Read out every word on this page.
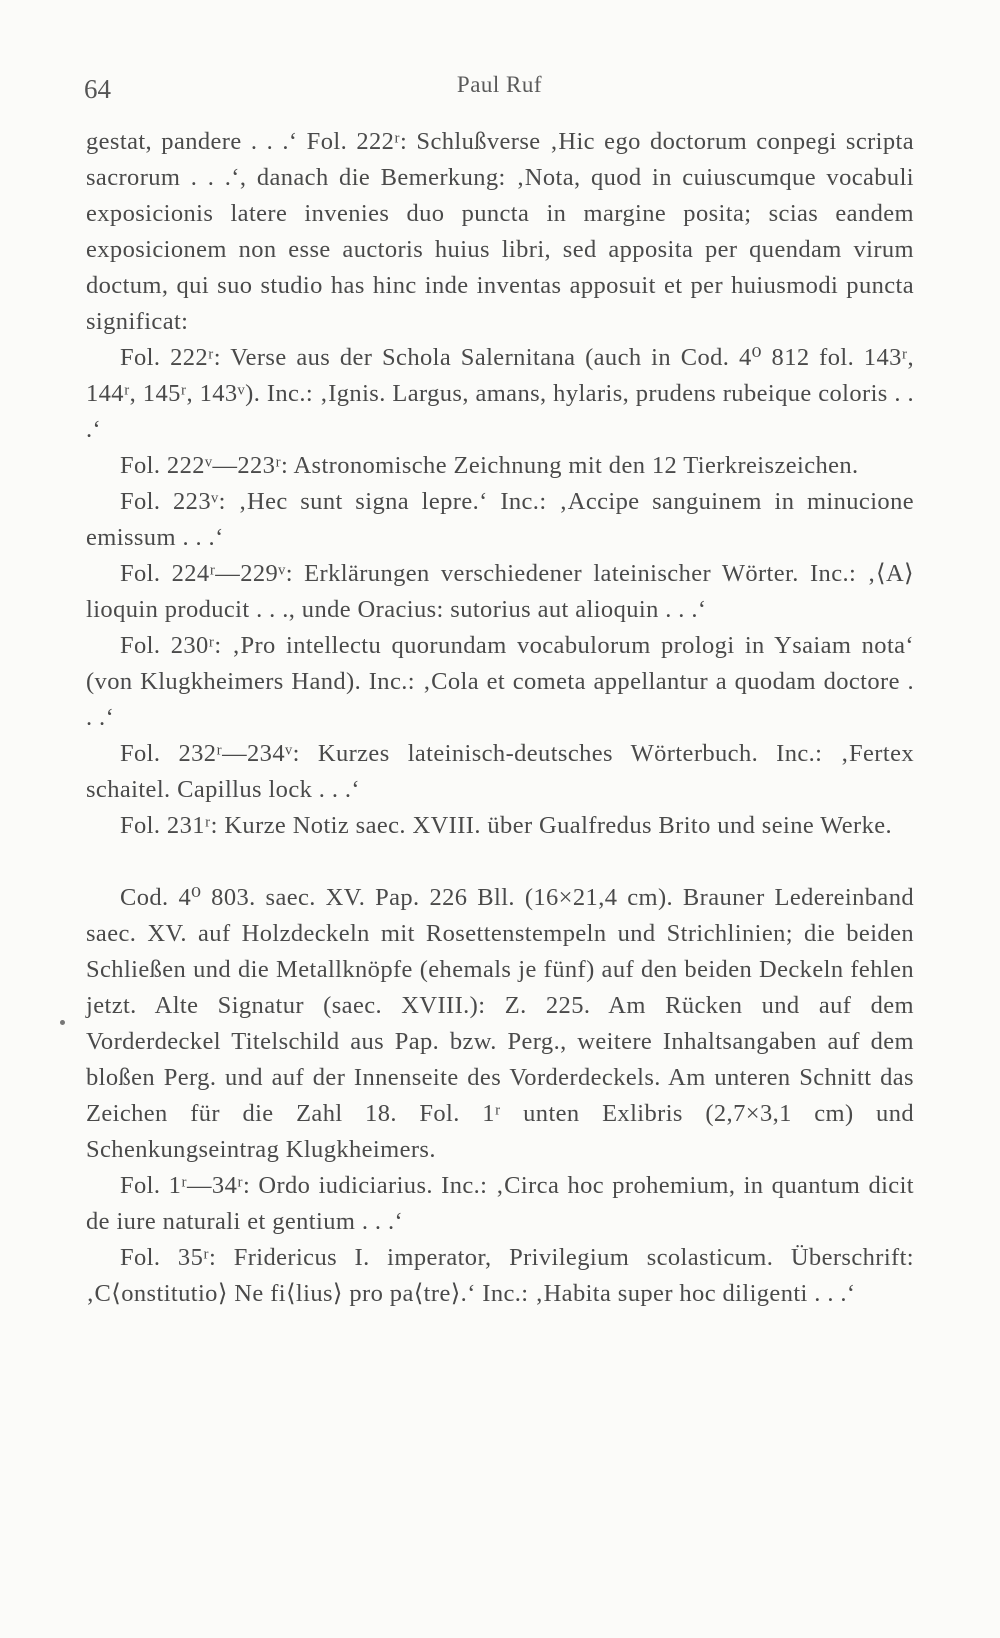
64	Paul Ruf

gestat, pandere . . .‘ Fol. 222ʳ: Schlußverse ‚Hic ego doctorum conpegi scripta sacrorum . . .‘, danach die Bemerkung: ‚Nota, quod in cuiuscumque vocabuli exposicionis latere invenies duo puncta in margine posita; scias eandem exposicionem non esse auctoris huius libri, sed apposita per quendam virum doctum, qui suo studio has hinc inde inventas apposuit et per huiusmodi puncta significat:

Fol. 222ʳ: Verse aus der Schola Salernitana (auch in Cod. 4⁰ 812 fol. 143ʳ, 144ʳ, 145ʳ, 143ᵛ). Inc.: ‚Ignis. Largus, amans, hylaris, prudens rubeique coloris . . .‘

Fol. 222ᵛ—223ʳ: Astronomische Zeichnung mit den 12 Tierkreiszeichen.

Fol. 223ᵛ: ‚Hec sunt signa lepre.‘ Inc.: ‚Accipe sanguinem in minucione emissum . . .‘

Fol. 224ʳ—229ᵛ: Erklärungen verschiedener lateinischer Wörter. Inc.: ‚⟨A⟩lioquin producit . . ., unde Oracius: sutorius aut alioquin . . .‘

Fol. 230ʳ: ‚Pro intellectu quorundam vocabulorum prologi in Ysaiam nota‘ (von Klugkheimers Hand). Inc.: ‚Cola et cometa appellantur a quodam doctore . . .‘

Fol. 232ʳ—234ᵛ: Kurzes lateinisch-deutsches Wörterbuch. Inc.: ‚Fertex schaitel. Capillus lock . . .‘

Fol. 231ʳ: Kurze Notiz saec. XVIII. über Gualfredus Brito und seine Werke.

Cod. 4⁰ 803. saec. XV. Pap. 226 Bll. (16×21,4 cm). Brauner Ledereinband saec. XV. auf Holzdeckeln mit Rosettenstempeln und Strichlinien; die beiden Schließen und die Metallknöpfe (ehemals je fünf) auf den beiden Deckeln fehlen jetzt. Alte Signatur (saec. XVIII.): Z. 225. Am Rücken und auf dem Vorderdeckel Titelschild aus Pap. bzw. Perg., weitere Inhaltsangaben auf dem bloßen Perg. und auf der Innenseite des Vorderdeckels. Am unteren Schnitt das Zeichen für die Zahl 18. Fol. 1ʳ unten Exlibris (2,7×3,1 cm) und Schenkungseintrag Klugkheimers.

Fol. 1ʳ—34ʳ: Ordo iudiciarius. Inc.: ‚Circa hoc prohemium, in quantum dicit de iure naturali et gentium . . .‘

Fol. 35ʳ: Fridericus I. imperator, Privilegium scolasticum. Überschrift: ‚C⟨onstitutio⟩ Ne fi⟨lius⟩ pro pa⟨tre⟩.‘ Inc.: ‚Habita super hoc diligenti . . .‘
